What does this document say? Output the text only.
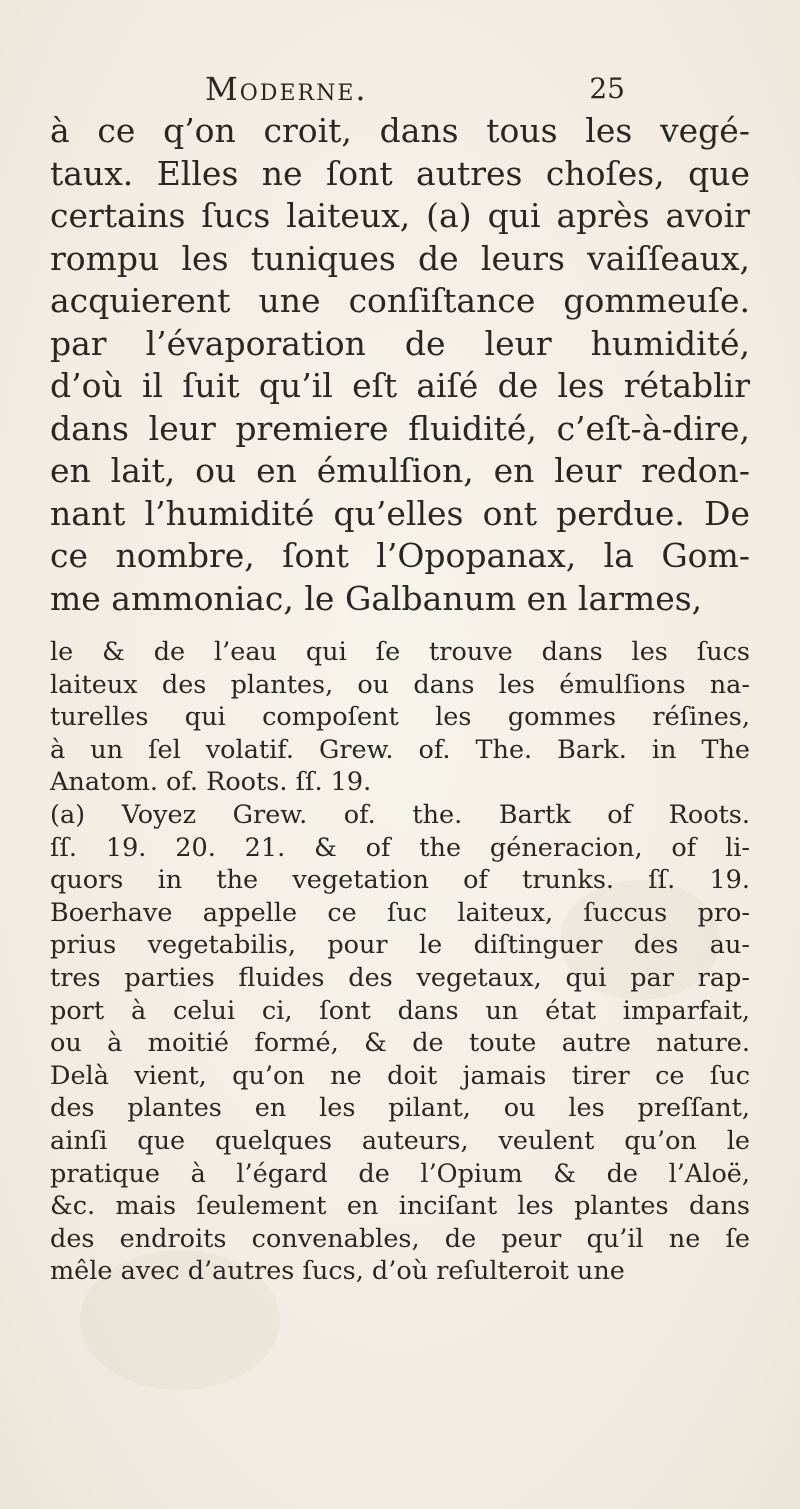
Moderne.	25
à ce q’on croit, dans tous les vegé-
taux. Elles ne ſont autres choſes, que
certains ſucs laiteux, (a) qui après avoir
rompu les tuniques de leurs vaiſſeaux,
acquierent une conſiſtance gommeuſe.
par l’évaporation de leur humidité,
d’où il ſuit qu’il eſt aiſé de les rétablir
dans leur premiere fluidité, c’eſt-à-dire,
en lait, ou en émulſion, en leur redon-
nant l’humidité qu’elles ont perdue. De
ce nombre, ſont l’Opopanax, la Gom-
me ammoniac, le Galbanum en larmes,
le & de l’eau qui ſe trouve dans les ſucs
laiteux des plantes, ou dans les émulſions na-
turelles qui compoſent les gommes réſines,
à un ſel volatif. Grew. of. The. Bark. in The
Anatom. of. Roots. ſſ. 19.
(a) Voyez Grew. of. the. Bartk of Roots.
ſſ. 19. 20. 21. & of the géneracion, of li-
quors in the vegetation of trunks. ſſ. 19.
Boerhave appelle ce ſuc laiteux, ſuccus pro-
prius vegetabilis, pour le diſtinguer des au-
tres parties fluides des vegetaux, qui par rap-
port à celui ci, ſont dans un état imparfait,
ou à moitié formé, & de toute autre nature.
Delà vient, qu’on ne doit jamais tirer ce ſuc
des plantes en les pilant, ou les preſſant,
ainſi que quelques auteurs, veulent qu’on le
pratique à l’égard de l’Opium & de l’Aloë,
&c. mais ſeulement en inciſant les plantes dans
des endroits convenables, de peur qu’il ne ſe
mêle avec d’autres ſucs, d’où reſulteroit une
